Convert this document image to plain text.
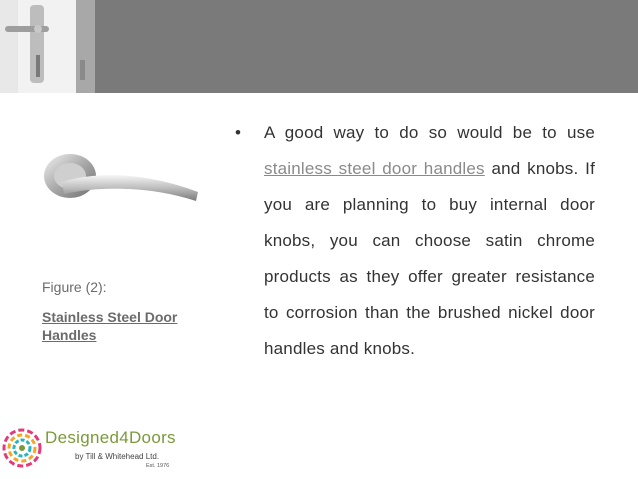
Figure (2):
Stainless Steel Door
Handles
• A good way to do so would be to use stainless steel door handles and knobs. If you are planning to buy internal door knobs, you can choose satin chrome products as they offer greater resistance to corrosion than the brushed nickel door handles and knobs.
Designed4Doors
by Till & Whitehead Ltd.
Est. 1976
